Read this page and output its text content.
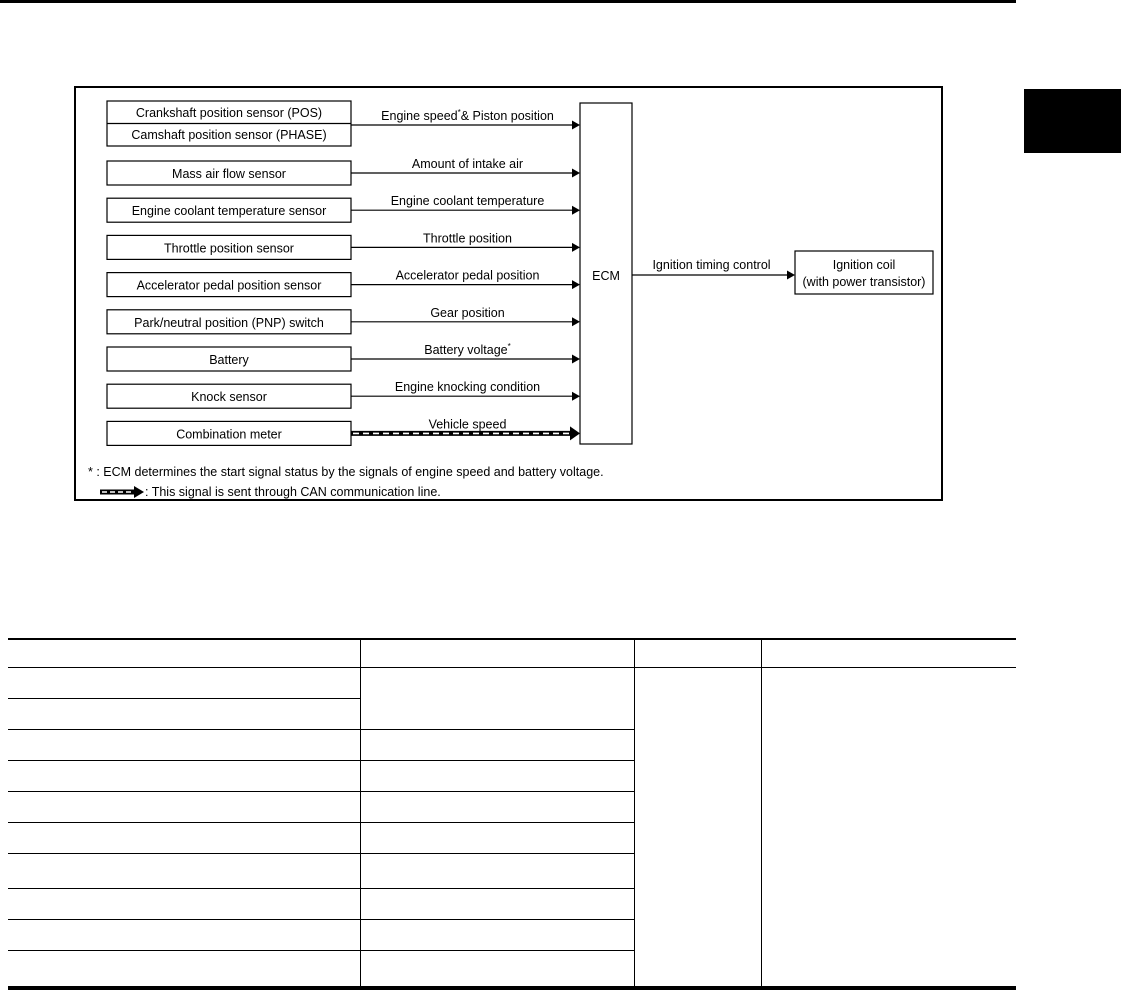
Crankshaft position sensor (POS)
Camshaft position sensor (PHASE)
Mass air flow sensor
Engine coolant temperature sensor
Throttle position sensor
Accelerator pedal position sensor
Park/neutral position (PNP) switch
Battery
Knock sensor
Combination meter
Engine speed*& Piston position
Amount of intake air
Engine coolant temperature
Throttle position
Accelerator pedal position
Gear position
Battery voltage*
Engine knocking condition
Vehicle speed
ECM
Ignition timing control	Ignition coil
(with power transistor)
* : ECM determines the start signal status by the signals of engine speed and battery voltage.
: This signal is sent through CAN communication line.
